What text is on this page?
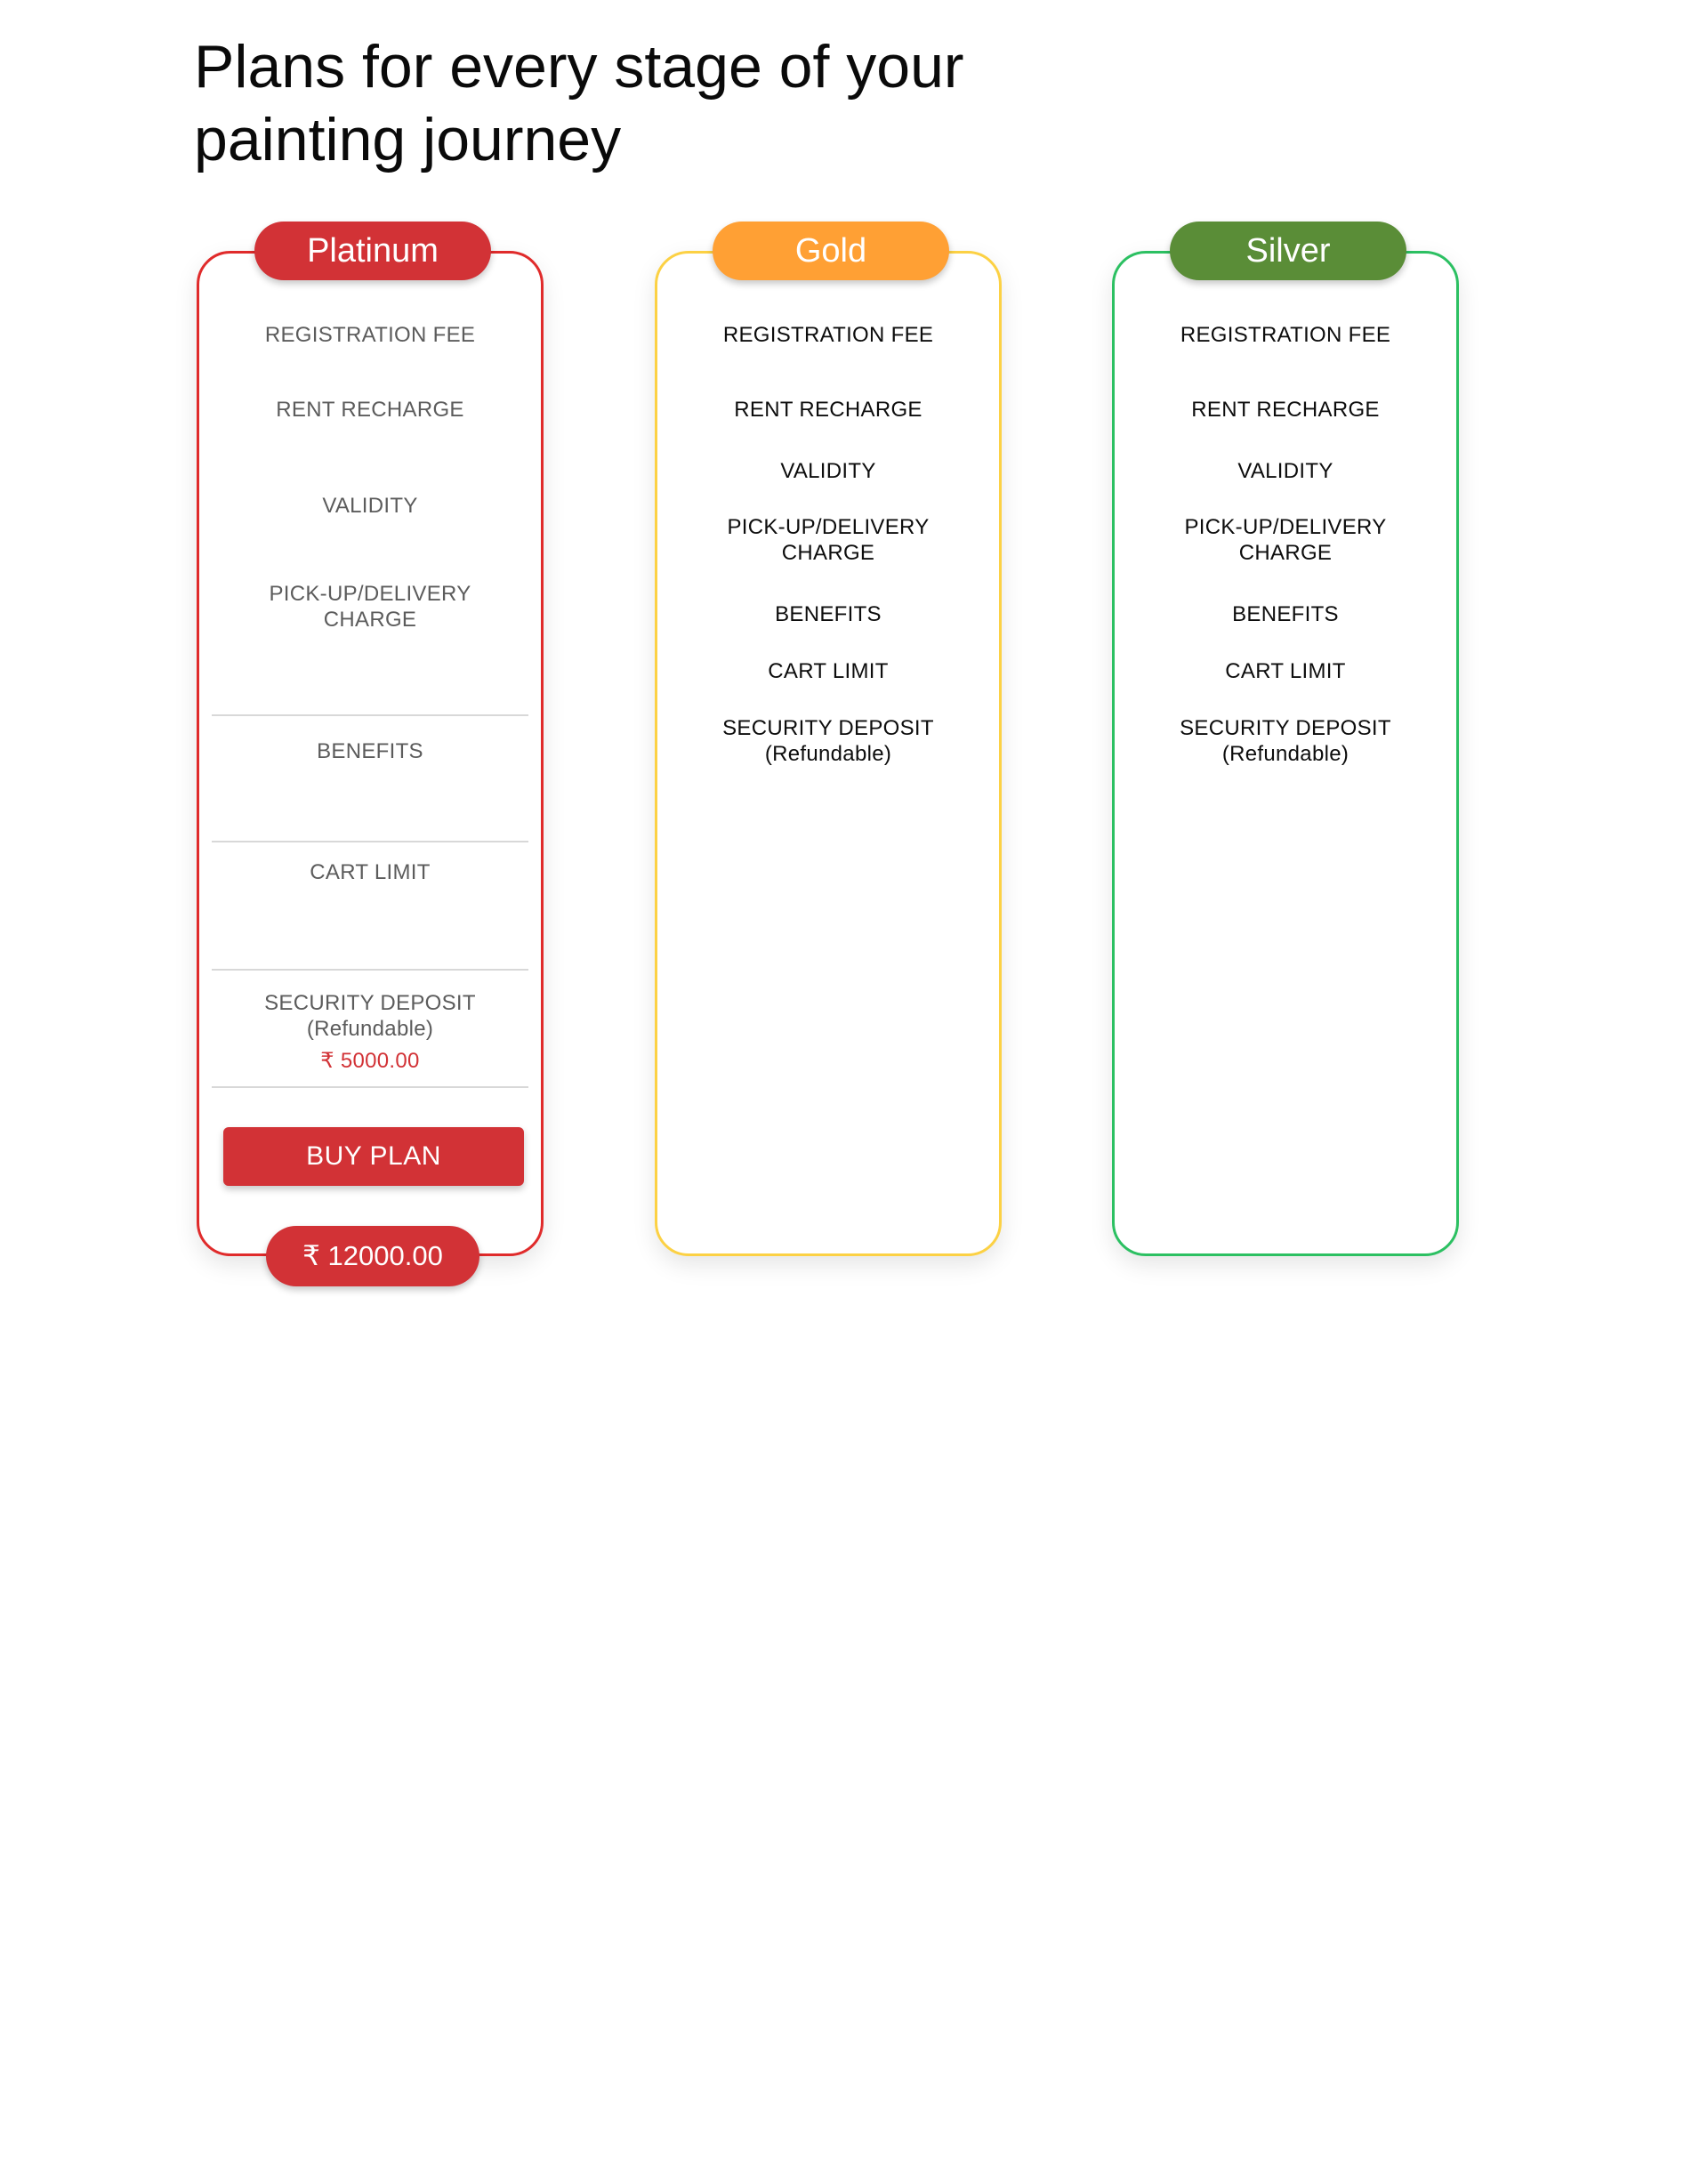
Plans for every stage of your
painting journey
Platinum
REGISTRATION FEE
RENT RECHARGE
VALIDITY
PICK-UP/DELIVERY
CHARGE
BENEFITS
CART LIMIT
SECURITY DEPOSIT
(Refundable)
₹ 5000.00
BUY PLAN
₹ 12000.00
Gold
REGISTRATION FEE
RENT RECHARGE
VALIDITY
PICK-UP/DELIVERY
CHARGE
BENEFITS
CART LIMIT
SECURITY DEPOSIT
(Refundable)
Silver
REGISTRATION FEE
RENT RECHARGE
VALIDITY
PICK-UP/DELIVERY
CHARGE
BENEFITS
CART LIMIT
SECURITY DEPOSIT
(Refundable)
